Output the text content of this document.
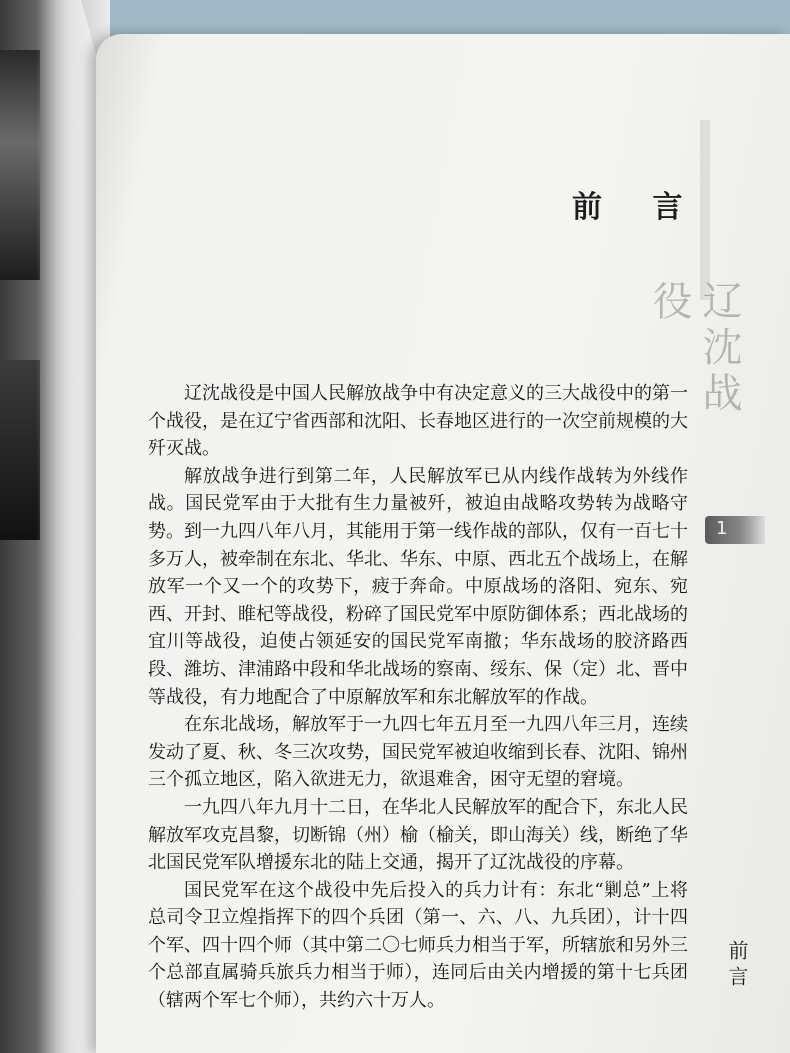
辽沈战役
前 言

辽沈战役是中国人民解放战争中有决定意义的三大战役中的第一个战役，是在辽宁省西部和沈阳、长春地区进行的一次空前规模的大歼灭战。

解放战争进行到第二年，人民解放军已从内线作战转为外线作战。国民党军由于大批有生力量被歼，被迫由战略攻势转为战略守势。到一九四八年八月，其能用于第一线作战的部队，仅有一百七十多万人，被牵制在东北、华北、华东、中原、西北五个战场上，在解放军一个又一个的攻势下，疲于奔命。中原战场的洛阳、宛东、宛西、开封、睢杞等战役，粉碎了国民党军中原防御体系；西北战场的宜川等战役，迫使占领延安的国民党军南撤；华东战场的胶济路西段、潍坊、津浦路中段和华北战场的察南、绥东、保（定）北、晋中等战役，有力地配合了中原解放军和东北解放军的作战。

在东北战场，解放军于一九四七年五月至一九四八年三月，连续发动了夏、秋、冬三次攻势，国民党军被迫收缩到长春、沈阳、锦州三个孤立地区，陷入欲进无力，欲退难舍，困守无望的窘境。

一九四八年九月十二日，在华北人民解放军的配合下，东北人民解放军攻克昌黎，切断锦（州）榆（榆关，即山海关）线，断绝了华北国民党军队增援东北的陆上交通，揭开了辽沈战役的序幕。

国民党军在这个战役中先后投入的兵力计有：东北“剿总”上将总司令卫立煌指挥下的四个兵团（第一、六、八、九兵团），计十四个军、四十四个师（其中第二〇七师兵力相当于军，所辖旅和另外三个总部直属骑兵旅兵力相当于师），连同后由关内增援的第十七兵团（辖两个军七个师），共约六十万人。

1
前言
